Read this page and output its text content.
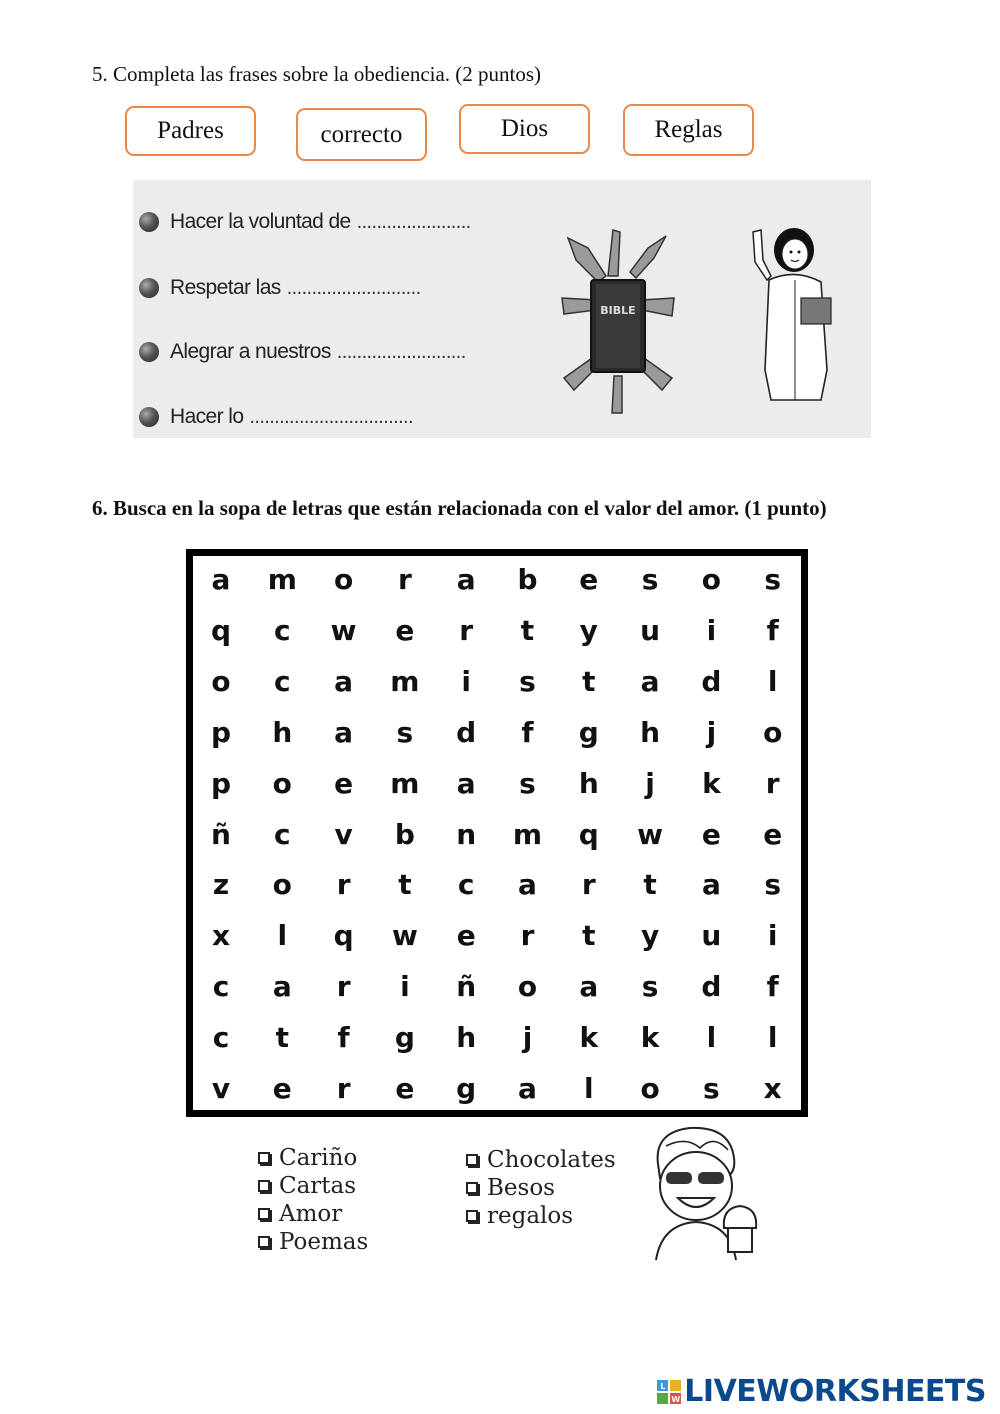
5. Completa las frases sobre la obediencia. (2 puntos)
Padres	correcto	Dios	Reglas
Hacer la voluntad de .......................
Respetar las ...........................
Alegrar a nuestros ..........................
Hacer lo .................................
BIBLE
6. Busca en la sopa de letras que están relacionada con el valor del amor. (1 punto)
a	m	o	r	a	b	e	s	o	s
q	c	w	e	r	t	y	u	i	f
o	c	a	m	i	s	t	a	d	l
p	h	a	s	d	f	g	h	j	o
p	o	e	m	a	s	h	j	k	r
ñ	c	v	b	n	m	q	w	e	e
z	o	r	t	c	a	r	t	a	s
x	l	q	w	e	r	t	y	u	i
c	a	r	i	ñ	o	a	s	d	f
c	t	f	g	h	j	k	k	l	l
v	e	r	e	g	a	l	o	s	x
Cariño
Cartas
Amor
Poemas
Chocolates
Besos
regalos
L
W LIVEWORKSHEETS
